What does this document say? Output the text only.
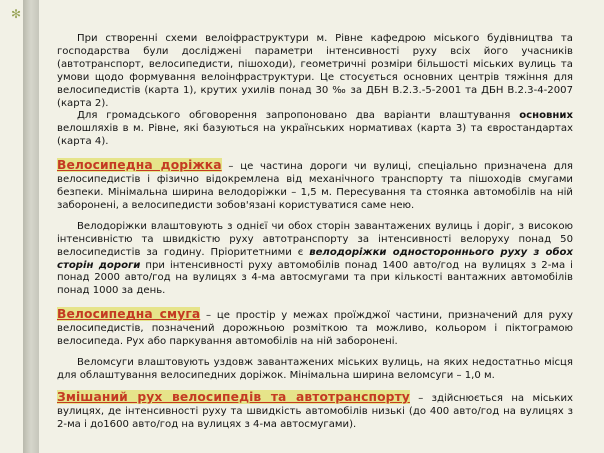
✻

При створенні схеми велоіфраструктури м. Рівне кафедрою міського будівництва та господарства були досліджені параметри інтенсивності руху всіх його учасників (автотранспорт, велосипедисти, пішоходи), геометричні розміри більшості міських вулиць та умови щодо формування велоінфраструктури. Це стосується основних центрів тяжіння для велосипедистів (карта 1), крутих ухилів понад 30 ‰ за ДБН В.2.3.-5-2001 та ДБН В.2.3-4-2007 (карта 2).

Для громадського обговорення запропоновано два варіанти влаштування основних велошляхів в м. Рівне, які базуються на українських нормативах (карта 3) та євростандартах (карта 4).

Велосипедна доріжка – це частина дороги чи вулиці, спеціально призначена для велосипедистів і фізично відокремлена від механічного транспорту та пішоходів смугами безпеки. Мінімальна ширина велодоріжки – 1,5 м. Пересування та стоянка автомобілів на ній заборонені, а велосипедисти зобов'язані користуватися саме нею.

Велодоріжки влаштовують з однієї чи обох сторін завантажених вулиць і доріг, з високою інтенсивністю та швидкістю руху автотранспорту за інтенсивності велоруху понад 50 велосипедистів за годину. Пріоритетними є велодоріжки одностороннього руху з обох сторін дороги при інтенсивності руху автомобілів понад 1400 авто/год на вулицях з 2-ма і понад 2000 авто/год на вулицях з 4-ма автосмугами та при кількості вантажних автомобілів понад 1000 за день.

Велосипедна смуга – це простір у межах проїжджої частини, призначений для руху велосипедистів, позначений дорожньою розміткою та можливо, кольором і піктограмою велосипеда. Рух або паркування автомобілів на ній заборонені.

Веломсуги влаштовують уздовж завантажених міських вулиць, на яких недостатньо місця для облаштування велосипедних доріжок. Мінімальна ширина веломсуги – 1,0 м.

Змішаний рух велосипедів та автотранспорту – здійснюється на міських вулицях, де інтенсивності руху та швидкість автомобілів низькі (до 400 авто/год на вулицях з 2-ма і до1600 авто/год на вулицях з 4-ма автосмугами).
